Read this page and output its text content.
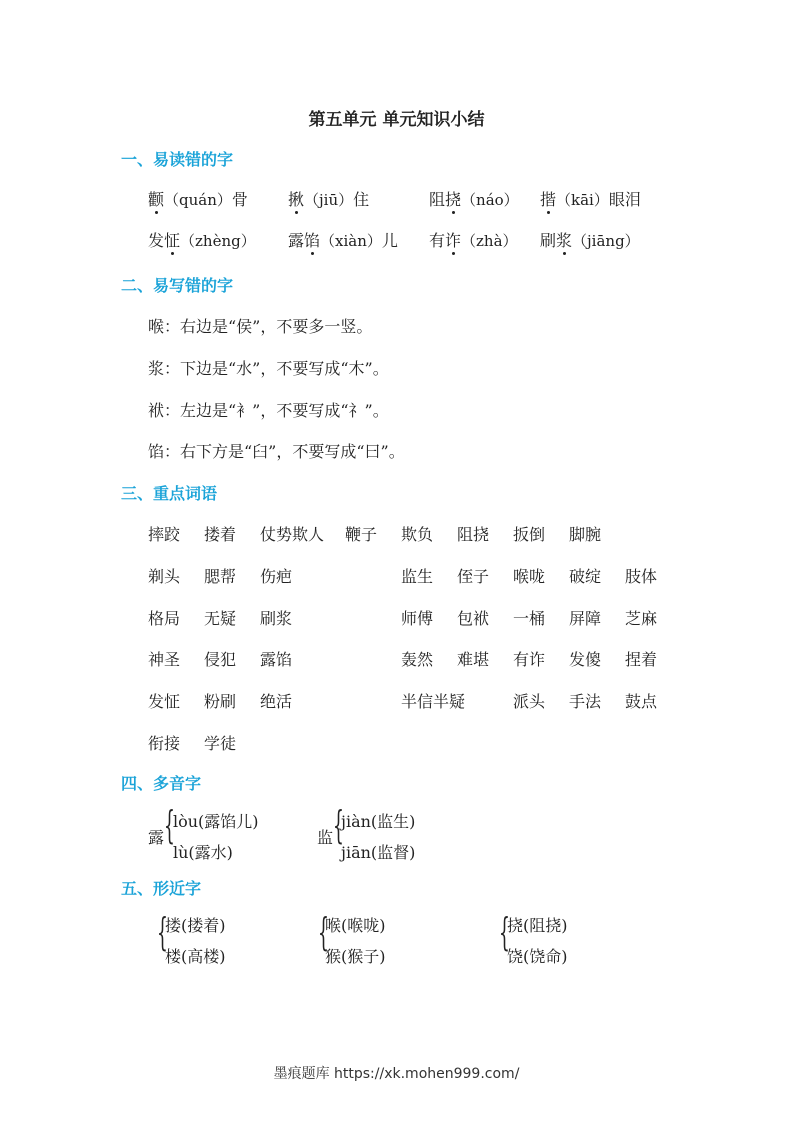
第五单元 单元知识小结
一、易读错的字
颧（quán）骨	揪（jiū）住	阻挠（náo） 揩（kāi）眼泪
发怔（zhèng） 露馅（xiàn）儿 有诈（zhà） 刷浆（jiāng）
二、易写错的字
喉：右边是“侯”，不要多一竖。
浆：下边是“水”，不要写成“木”。
袱：左边是“衤”，不要写成“礻”。
馅：右下方是“臼”，不要写成“曰”。
三、重点词语
摔跤 搂着 仗势欺人 鞭子 欺负 阻挠 扳倒 脚腕
剃头 腮帮 伤疤	监生 侄子 喉咙 破绽 肢体
格局 无疑 刷浆	师傅 包袱 一桶 屏障 芝麻
神圣 侵犯 露馅	轰然 难堪 有诈 发傻 捏着
发怔 粉刷 绝活	半信半疑	派头 手法 鼓点
衔接 学徒
四、多音字
露 {
lòu(露馅儿)
lù(露水)
监 {
jiàn(监生)
jiān(监督)
五、形近字
{
搂(搂着)
楼(高楼)
{
喉(喉咙)
猴(猴子)
{
挠(阻挠)
饶(饶命)
墨痕题库 https://xk.mohen999.com/
